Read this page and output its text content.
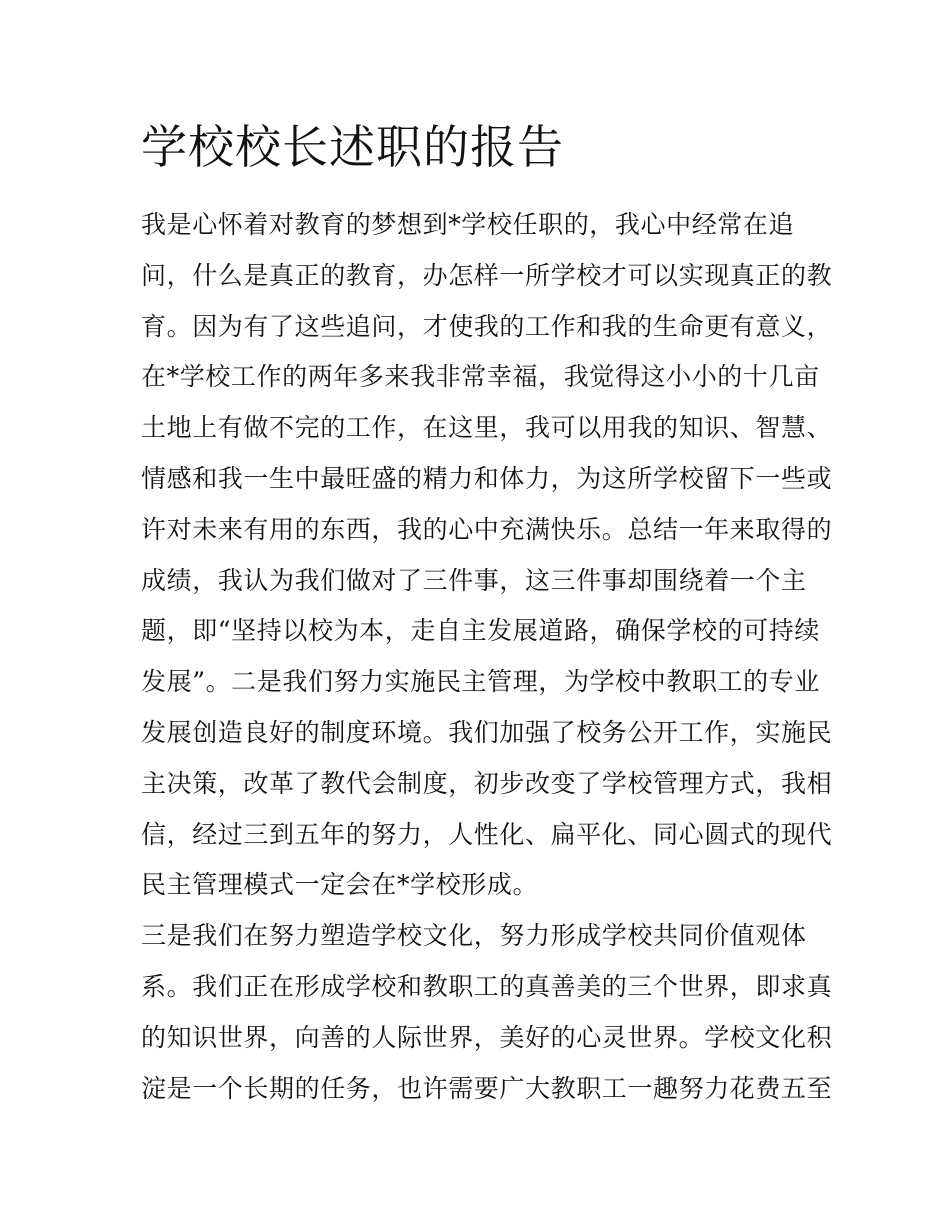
学校校长述职的报告
我是心怀着对教育的梦想到*学校任职的，我心中经常在追
问，什么是真正的教育，办怎样一所学校才可以实现真正的教
育。因为有了这些追问，才使我的工作和我的生命更有意义，
在*学校工作的两年多来我非常幸福，我觉得这小小的十几亩
土地上有做不完的工作，在这里，我可以用我的知识、智慧、
情感和我一生中最旺盛的精力和体力，为这所学校留下一些或
许对未来有用的东西，我的心中充满快乐。总结一年来取得的
成绩，我认为我们做对了三件事，这三件事却围绕着一个主
题，即“坚持以校为本，走自主发展道路，确保学校的可持续
发展”。二是我们努力实施民主管理，为学校中教职工的专业
发展创造良好的制度环境。我们加强了校务公开工作，实施民
主决策，改革了教代会制度，初步改变了学校管理方式，我相
信，经过三到五年的努力，人性化、扁平化、同心圆式的现代
民主管理模式一定会在*学校形成。
三是我们在努力塑造学校文化，努力形成学校共同价值观体
系。我们正在形成学校和教职工的真善美的三个世界，即求真
的知识世界，向善的人际世界，美好的心灵世界。学校文化积
淀是一个长期的任务，也许需要广大教职工一趣努力花费五至
